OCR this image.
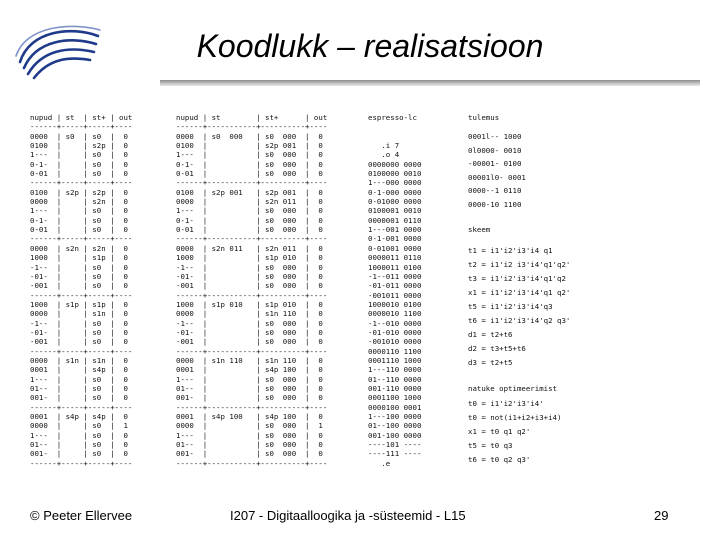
Koodlukk – realisatsioon
nupud | st  | st+ | out
------+-----+-----+----
0000  | s0  | s0  |  0
0100  |     | s2p |  0
1---  |     | s0  |  0
0-1-  |     | s0  |  0
0-01  |     | s0  |  0
------+-----+-----+----
0100  | s2p | s2p |  0
0000  |     | s2n |  0
1---  |     | s0  |  0
0-1-  |     | s0  |  0
0-01  |     | s0  |  0
------+-----+-----+----
0000  | s2n | s2n |  0
1000  |     | s1p |  0
-1--  |     | s0  |  0
-01-  |     | s0  |  0
-001  |     | s0  |  0
------+-----+-----+----
1000  | s1p | s1p |  0
0000  |     | s1n |  0
-1--  |     | s0  |  0
-01-  |     | s0  |  0
-001  |     | s0  |  0
------+-----+-----+----
0000  | s1n | s1n |  0
0001  |     | s4p |  0
1---  |     | s0  |  0
01--  |     | s0  |  0
001-  |     | s0  |  0
------+-----+-----+----
0001  | s4p | s4p |  0
0000  |     | s0  |  1
1---  |     | s0  |  0
01--  |     | s0  |  0
001-  |     | s0  |  0
------+-----+-----+----
nupud | st        | st+      | out
------+-----------+----------+----
0000  | s0  000   | s0  000  |  0
0100  |           | s2p 001  |  0
1---  |           | s0  000  |  0
0-1-  |           | s0  000  |  0
0-01  |           | s0  000  |  0
------+-----------+----------+----
0100  | s2p 001   | s2p 001  |  0
0000  |           | s2n 011  |  0
1---  |           | s0  000  |  0
0-1-  |           | s0  000  |  0
0-01  |           | s0  000  |  0
------+-----------+----------+----
0000  | s2n 011   | s2n 011  |  0
1000  |           | s1p 010  |  0
-1--  |           | s0  000  |  0
-01-  |           | s0  000  |  0
-001  |           | s0  000  |  0
------+-----------+----------+----
1000  | s1p 010   | s1p 010  |  0
0000  |           | s1n 110  |  0
-1--  |           | s0  000  |  0
-01-  |           | s0  000  |  0
-001  |           | s0  000  |  0
------+-----------+----------+----
0000  | s1n 110   | s1n 110  |  0
0001  |           | s4p 100  |  0
1---  |           | s0  000  |  0
01--  |           | s0  000  |  0
001-  |           | s0  000  |  0
------+-----------+----------+----
0001  | s4p 100   | s4p 100  |  0
0000  |           | s0  000  |  1
1---  |           | s0  000  |  0
01--  |           | s0  000  |  0
001-  |           | s0  000  |  0
------+-----------+----------+----
espresso-lc

.i 7
.o 4
0000000 0000
0100000 0010
1---000 0000
0-1-000 0000
0-01000 0000
0100001 0010
0000001 0110
1---001 0000
0-1-001 0000
0-01001 0000
0000011 0110
1000011 0100
-1--011 0000
-01-011 0000
-001011 0000
1000010 0100
0000010 1100
-1--010 0000
-01-010 0000
-001010 0000
0000110 1100
0001110 1000
1---110 0000
01--110 0000
001-110 0000
0001100 1000
0000100 0001
1---100 0000
01--100 0000
001-100 0000
----101 ----
----111 ----
.e
tulemus
0001l-- 1000
0l0000- 0010
-00001- 0100
00001l0- 0001
0000--1 0110
0000-10 1100
skeem
t1 = i1'i2'i3'i4 q1
t2 = i1'i2 i3'i4'q1'q2'
t3 = i1'i2'i3'i4'q1'q2
x1 = i1'i2'i3'i4'q1 q2'
t5 = i1'i2'i3'i4'q3
t6 = i1'i2'i3'i4'q2 q3'
d1 = t2+t6
d2 = t3+t5+t6
d3 = t2+t5
natuke optimeerimist
t0 = i1'i2'i3'i4'
t0 = not(i1+i2+i3+i4)
x1 = t0 q1 q2'
t5 = t0 q3
t6 = t0 q2 q3'
© Peeter Ellervee	I207 - Digitaalloogika ja -süsteemid - L15	29
